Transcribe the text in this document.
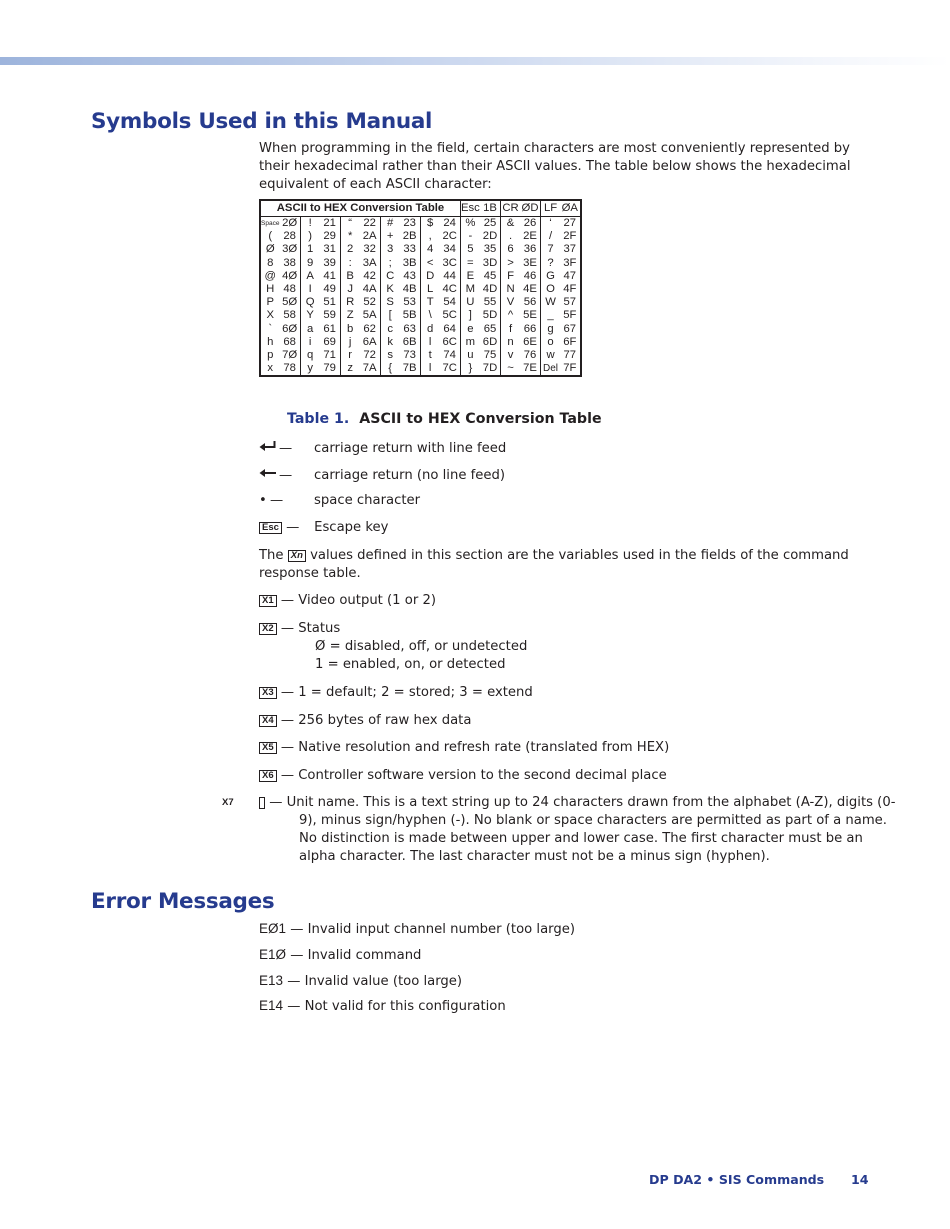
Symbols Used in this Manual

When programming in the field, certain characters are most conveniently represented by their hexadecimal rather than their ASCII values. The table below shows the hexadecimal equivalent of each ASCII character:

ASCII to HEX Conversion Table										Esc	1B	CR	ØD	LF	ØA
Space	2Ø	!	21	“	22	#	23	$	24	%	25	&	26	‘	27
(	28	)	29	*	2A	+	2B	,	2C	-	2D	.	2E	/	2F
Ø	3Ø	1	31	2	32	3	33	4	34	5	35	6	36	7	37
8	38	9	39	:	3A	;	3B	<	3C	=	3D	>	3E	?	3F
@	4Ø	A	41	B	42	C	43	D	44	E	45	F	46	G	47
H	48	I	49	J	4A	K	4B	L	4C	M	4D	N	4E	O	4F
P	5Ø	Q	51	R	52	S	53	T	54	U	55	V	56	W	57
X	58	Y	59	Z	5A	[	5B	\	5C	]	5D	^	5E	_	5F
`	6Ø	a	61	b	62	c	63	d	64	e	65	f	66	g	67
h	68	i	69	j	6A	k	6B	l	6C	m	6D	n	6E	o	6F
p	7Ø	q	71	r	72	s	73	t	74	u	75	v	76	w	77
x	78	y	79	z	7A	{	7B	l	7C	}	7D	~	7E	Del	7F
Table 1. ASCII to HEX Conversion Table
— carriage return with line feed
— carriage return (no line feed)
• — space character
Esc — Escape key

The Xn values defined in this section are the variables used in the fields of the command response table.

X1 — Video output (1 or 2)

X2 — Status
Ø = disabled, off, or undetected
1 = enabled, on, or detected

X3 — 1 = default; 2 = stored; 3 = extend

X4 — 256 bytes of raw hex data

X5 — Native resolution and refresh rate (translated from HEX)

X6 — Controller software version to the second decimal place

X7	— Unit name. This is a text string up to 24 characters drawn from the alphabet (A-Z), digits (0-9), minus sign/hyphen (-). No blank or space characters are permitted as part of a name. No distinction is made between upper and lower case. The first character must be an alpha character. The last character must not be a minus sign (hyphen).

Error Messages
EØ1 — Invalid input channel number (too large)
E1Ø — Invalid command
E13 — Invalid value (too large)
E14 — Not valid for this configuration
DP DA2 • SIS Commands 14
